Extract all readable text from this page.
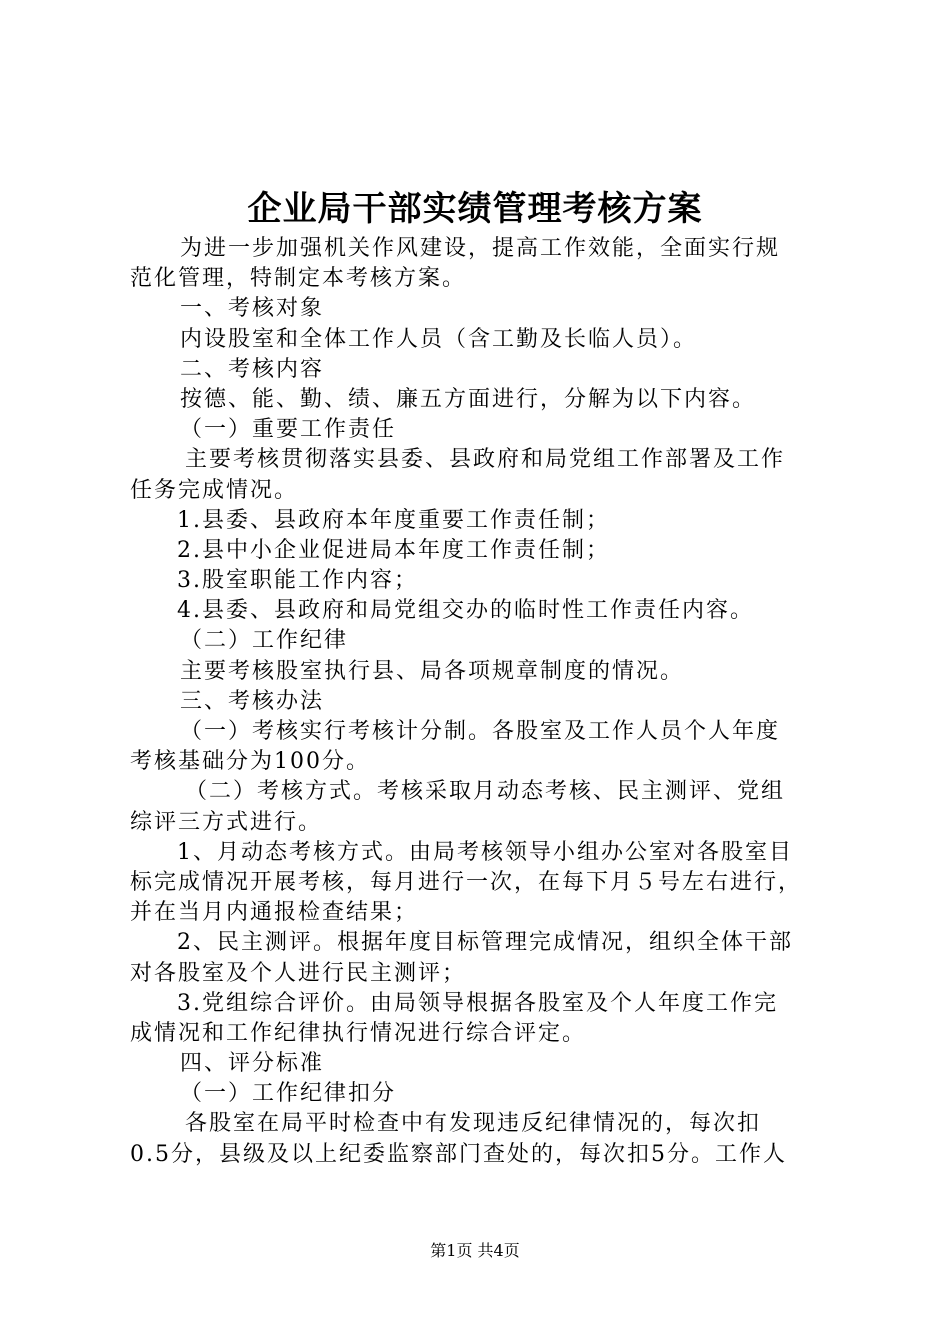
企业局干部实绩管理考核方案
为进一步加强机关作风建设，提高工作效能，全面实行规
范化管理，特制定本考核方案。
一、考核对象
内设股室和全体工作人员（含工勤及长临人员）。
二、考核内容
按德、能、勤、绩、廉五方面进行，分解为以下内容。
（一）重要工作责任
主要考核贯彻落实县委、县政府和局党组工作部署及工作
任务完成情况。
1.县委、县政府本年度重要工作责任制；
2.县中小企业促进局本年度工作责任制；
3.股室职能工作内容；
4.县委、县政府和局党组交办的临时性工作责任内容。
（二）工作纪律
主要考核股室执行县、局各项规章制度的情况。
三、考核办法
（一）考核实行考核计分制。各股室及工作人员个人年度
考核基础分为100分。
（二）考核方式。考核采取月动态考核、民主测评、党组
综评三方式进行。
1、月动态考核方式。由局考核领导小组办公室对各股室目
标完成情况开展考核，每月进行一次，在每下月５号左右进行，
并在当月内通报检查结果；
2、民主测评。根据年度目标管理完成情况，组织全体干部
对各股室及个人进行民主测评；
3.党组综合评价。由局领导根据各股室及个人年度工作完
成情况和工作纪律执行情况进行综合评定。
四、评分标准
（一）工作纪律扣分
各股室在局平时检查中有发现违反纪律情况的，每次扣
0.5分，县级及以上纪委监察部门查处的，每次扣5分。工作人
第1页 共4页
